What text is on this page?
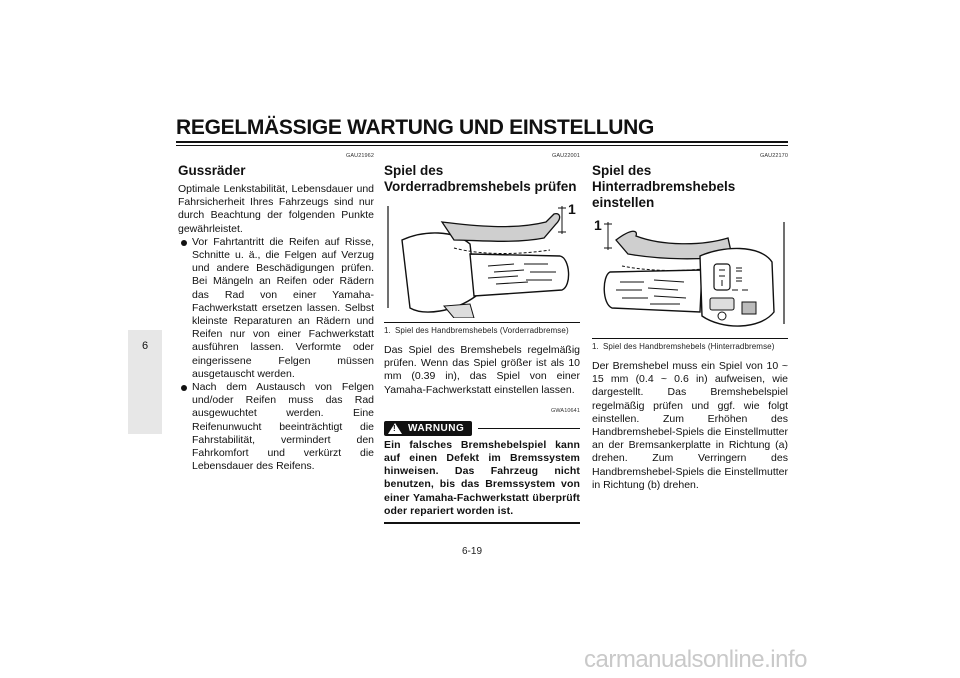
REGELMÄSSIGE WARTUNG UND EINSTELLUNG
6
GAU21962
Gussräder
Optimale Lenkstabilität, Lebensdauer und Fahrsicherheit Ihres Fahrzeugs sind nur durch Beachtung der folgenden Punkte gewährleistet.
Vor Fahrtantritt die Reifen auf Risse, Schnitte u. ä., die Felgen auf Verzug und andere Beschädigungen prüfen. Bei Mängeln an Reifen oder Rädern das Rad von einer Yamaha-Fachwerkstatt ersetzen lassen. Selbst kleinste Reparaturen an Rädern und Reifen nur von einer Fachwerkstatt ausführen lassen. Verformte oder eingerissene Felgen müssen ausgetauscht werden.
Nach dem Austausch von Felgen und/oder Reifen muss das Rad ausgewuchtet werden. Eine Reifenunwucht beeinträchtigt die Fahrstabilität, vermindert den Fahrkomfort und verkürzt die Lebensdauer des Reifens.
GAU22001
Spiel des Vorderradbremshebels prüfen
1
1. Spiel des Handbremshebels (Vorderradbremse)
Das Spiel des Bremshebels regelmäßig prüfen. Wenn das Spiel größer ist als 10 mm (0.39 in), das Spiel von einer Yamaha-Fachwerkstatt einstellen lassen.
GWA10641
!
WARNUNG
Ein falsches Bremshebelspiel kann auf einen Defekt im Bremssystem hinweisen. Das Fahrzeug nicht benutzen, bis das Bremssystem von einer Yamaha-Fachwerkstatt überprüft oder repariert worden ist.
GAU22170
Spiel des Hinterradbremshebels einstellen
1
1. Spiel des Handbremshebels (Hinterradbremse)
Der Bremshebel muss ein Spiel von 10 ~ 15 mm (0.4 ~ 0.6 in) aufweisen, wie dargestellt. Das Bremshebelspiel regelmäßig prüfen und ggf. wie folgt einstellen. Zum Erhöhen des Handbremshebel-Spiels die Einstellmutter an der Bremsankerplatte in Richtung (a) drehen. Zum Verringern des Handbremshebel-Spiels die Einstellmutter in Richtung (b) drehen.
6-19
carmanualsonline.info
